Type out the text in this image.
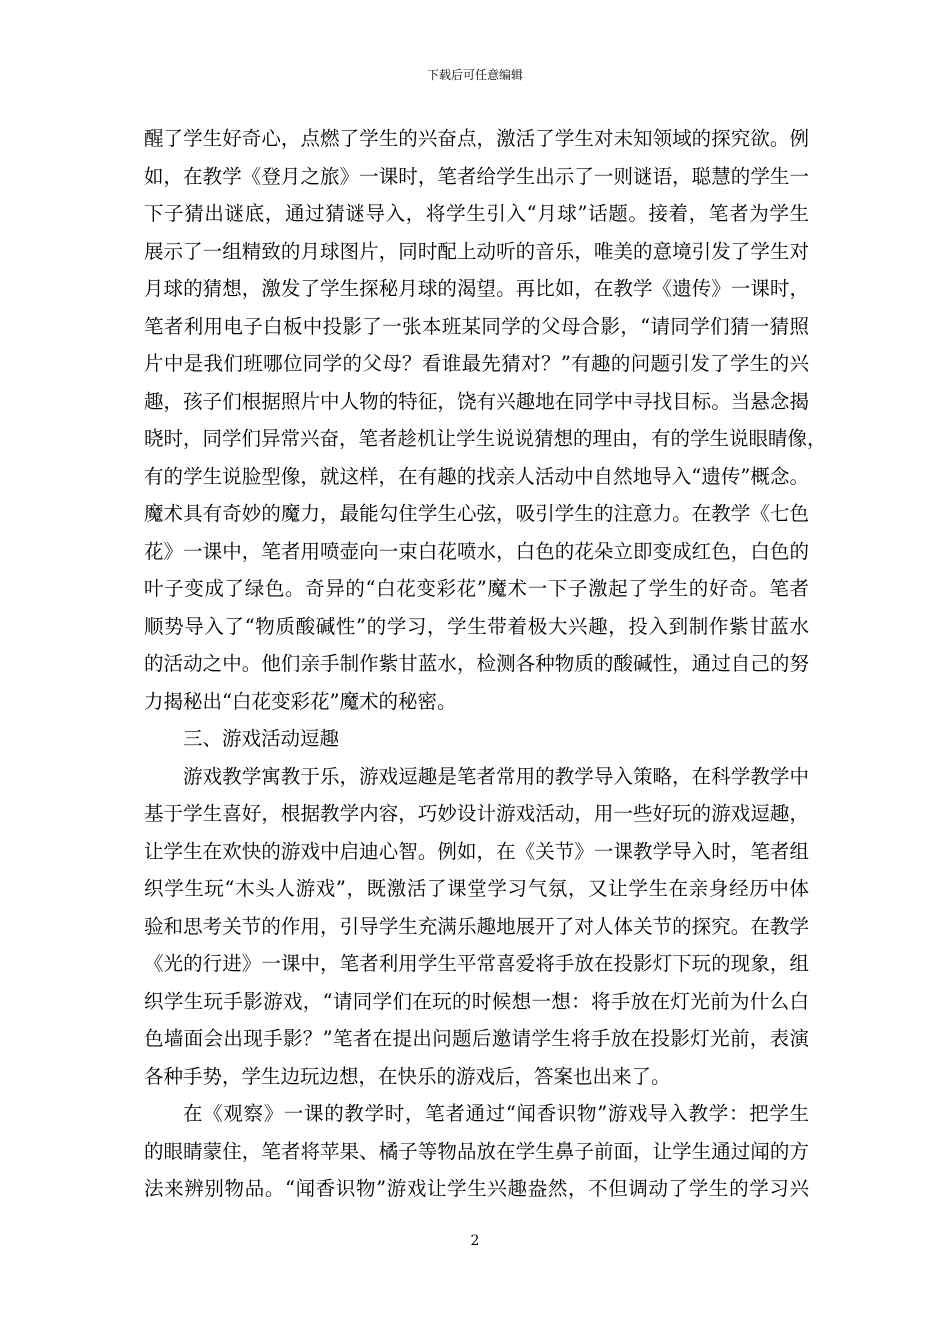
下载后可任意编辑
醒了学生好奇心，点燃了学生的兴奋点，激活了学生对未知领域的探究欲。例
如，在教学《登月之旅》一课时，笔者给学生出示了一则谜语，聪慧的学生一
下子猜出谜底，通过猜谜导入，将学生引入“月球”话题。接着，笔者为学生
展示了一组精致的月球图片，同时配上动听的音乐，唯美的意境引发了学生对
月球的猜想，激发了学生探秘月球的渴望。再比如，在教学《遗传》一课时，
笔者利用电子白板中投影了一张本班某同学的父母合影，“请同学们猜一猜照
片中是我们班哪位同学的父母？看谁最先猜对？”有趣的问题引发了学生的兴
趣，孩子们根据照片中人物的特征，饶有兴趣地在同学中寻找目标。当悬念揭
晓时，同学们异常兴奋，笔者趁机让学生说说猜想的理由，有的学生说眼睛像，
有的学生说脸型像，就这样，在有趣的找亲人活动中自然地导入“遗传”概念。
魔术具有奇妙的魔力，最能勾住学生心弦，吸引学生的注意力。在教学《七色
花》一课中，笔者用喷壶向一束白花喷水，白色的花朵立即变成红色，白色的
叶子变成了绿色。奇异的“白花变彩花”魔术一下子激起了学生的好奇。笔者
顺势导入了“物质酸碱性”的学习，学生带着极大兴趣，投入到制作紫甘蓝水
的活动之中。他们亲手制作紫甘蓝水，检测各种物质的酸碱性，通过自己的努
力揭秘出“白花变彩花”魔术的秘密。
三、游戏活动逗趣
游戏教学寓教于乐，游戏逗趣是笔者常用的教学导入策略，在科学教学中
基于学生喜好，根据教学内容，巧妙设计游戏活动，用一些好玩的游戏逗趣，
让学生在欢快的游戏中启迪心智。例如，在《关节》一课教学导入时，笔者组
织学生玩“木头人游戏”，既激活了课堂学习气氛，又让学生在亲身经历中体
验和思考关节的作用，引导学生充满乐趣地展开了对人体关节的探究。在教学
《光的行进》一课中，笔者利用学生平常喜爱将手放在投影灯下玩的现象，组
织学生玩手影游戏，“请同学们在玩的时候想一想：将手放在灯光前为什么白
色墙面会出现手影？”笔者在提出问题后邀请学生将手放在投影灯光前，表演
各种手势，学生边玩边想，在快乐的游戏后，答案也出来了。
在《观察》一课的教学时，笔者通过“闻香识物”游戏导入教学：把学生
的眼睛蒙住，笔者将苹果、橘子等物品放在学生鼻子前面，让学生通过闻的方
法来辨别物品。“闻香识物”游戏让学生兴趣盎然，不但调动了学生的学习兴
2
